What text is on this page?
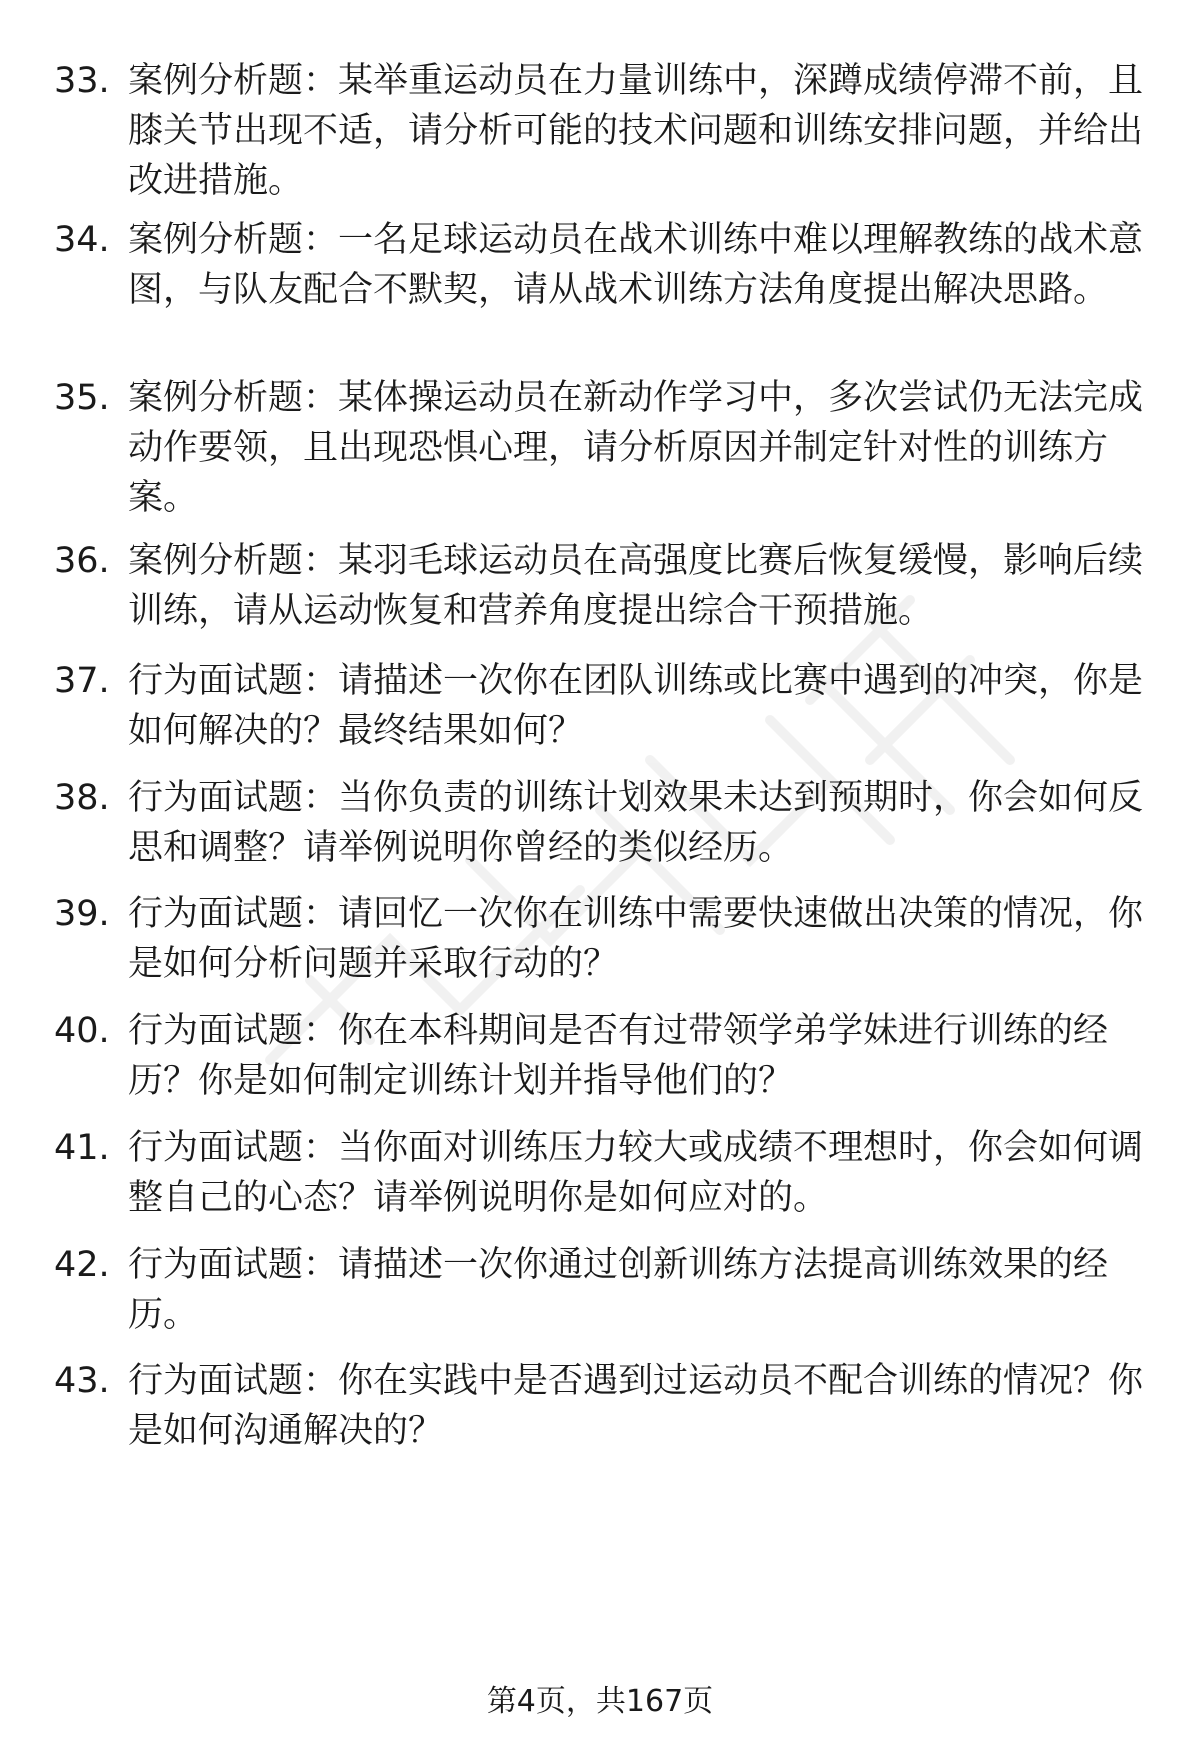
33. 案例分析题：某举重运动员在力量训练中，深蹲成绩停滞不前，且膝关节出现不适，请分析可能的技术问题和训练安排问题，并给出改进措施。
34. 案例分析题：一名足球运动员在战术训练中难以理解教练的战术意图，与队友配合不默契，请从战术训练方法角度提出解决思路。
35. 案例分析题：某体操运动员在新动作学习中，多次尝试仍无法完成动作要领，且出现恐惧心理，请分析原因并制定针对性的训练方案。
36. 案例分析题：某羽毛球运动员在高强度比赛后恢复缓慢，影响后续训练，请从运动恢复和营养角度提出综合干预措施。
37. 行为面试题：请描述一次你在团队训练或比赛中遇到的冲突，你是如何解决的？最终结果如何？
38. 行为面试题：当你负责的训练计划效果未达到预期时，你会如何反思和调整？请举例说明你曾经的类似经历。
39. 行为面试题：请回忆一次你在训练中需要快速做出决策的情况，你是如何分析问题并采取行动的？
40. 行为面试题：你在本科期间是否有过带领学弟学妹进行训练的经历？你是如何制定训练计划并指导他们的？
41. 行为面试题：当你面对训练压力较大或成绩不理想时，你会如何调整自己的心态？请举例说明你是如何应对的。
42. 行为面试题：请描述一次你通过创新训练方法提高训练效果的经历。
43. 行为面试题：你在实践中是否遇到过运动员不配合训练的情况？你是如何沟通解决的？
第4页，共167页
